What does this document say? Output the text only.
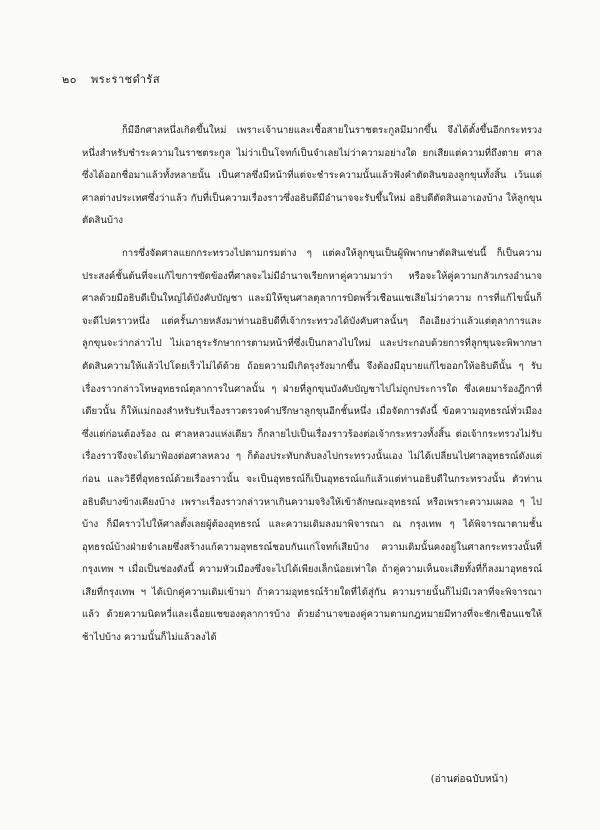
๒๐ พระราชดำรัส

ก็มีอีกศาลหนึ่งเกิดขึ้นใหม่ เพราะเจ้านายและเชื้อสายในราชตระกูลมีมากขึ้น จึงได้ตั้งขึ้นอีกกระทรวงหนึ่งสำหรับชำระความในราชตระกูล ไม่ว่าเป็นโจทก์เป็นจำเลยไม่ว่าความอย่างใด ยกเสียแต่ความที่ถึงตาย ศาลซึ่งได้ออกชื่อมาแล้วทั้งหลายนั้น เป็นศาลซึ่งมีหน้าที่แต่จะชำระความนั้นแล้วฟังคำตัดสินของลูกขุนทั้งสิ้น เว้นแต่ศาลต่างประเทศซึ่งว่าแล้ว กับที่เป็นความเรื่องราวซึ่งอธิบดีมีอำนาจจะรับขึ้นใหม่ อธิบดีตัดสินเอาเองบ้าง ให้ลูกขุนตัดสินบ้าง

การซึ่งจัดศาลแยกกระทรวงไปตามกรมต่าง ๆ แต่คงให้ลูกขุนเป็นผู้พิพากษาตัดสินเช่นนี้ ก็เป็นความประสงค์ชั้นต้นที่จะแก้ไขการขัดข้องที่ศาลจะไม่มีอำนาจเรียกหาคู่ความมาว่า หรือจะให้คู่ความกลัวเกรงอำนาจศาลด้วยมีอธิบดีเป็นใหญ่ได้บังคับบัญชา และมิให้ขุนศาลตุลาการบิดพริ้วเชือนแชเสียไม่ว่าความ การที่แก้ไขนั้นก็จะดีไปคราวหนึ่ง แต่ครั้นภายหลังมาท่านอธิบดีที่เจ้ากระทรวงได้บังคับศาลนั้นๆ ถือเอียงว่าแล้วแต่ตุลาการและลูกขุนจะว่ากล่าวไป ไม่เอาธุระรักษาการตามหน้าที่ซึ่งเป็นกลางไปใหม่ และประกอบด้วยการที่ลูกขุนจะพิพากษาตัดสินความให้แล้วไปโดยเร็วไม่ได้ด้วย ถ้อยความมีเกิดรุงรังมากขึ้น จึงต้องมีอุบายแก้ไขออกให้อธิบดีนั้น ๆ รับเรื่องราวกล่าวโทษอุทธรณ์ตุลาการในศาลนั้น ๆ ฝ่ายที่ลูกขุนบังคับบัญชาไปไม่ถูกประการใด ซึ่งเคยมาร้องฎีกาที่เดียวนั้น ก็ให้แม่กองสำหรับรับเรื่องราวตรวจคำปรึกษาลูกขุนอีกชั้นหนึ่ง เมื่อจัดการดังนี้ ข้อความอุทธรณ์ทั่วเมืองซึ่งแต่ก่อนต้องร้อง ณ ศาลหลวงแห่งเดียว ก็กลายไปเป็นเรื่องราวร้องต่อเจ้ากระทรวงทั้งสิ้น ต่อเจ้ากระทรวงไม่รับเรื่องราวจึงจะได้มาฟ้องต่อศาลหลวง ๆ ก็ต้องประทับกลับลงไปกระทรวงนั้นเอง ไม่ได้เปลี่ยนไปศาลอุทธรณ์ดังแต่ก่อน และวิธีที่อุทธรณ์ด้วยเรื่องราวนั้น จะเป็นอุทธรณ์ก็เป็นอุทธรณ์แก้แล้วแต่ท่านอธิบดีในกระทรวงนั้น ตัวท่านอธิบดีบางข้างเคียงบ้าง เพราะเรื่องราวกล่าวหาเกินความจริงให้เข้าลักษณะอุทธรณ์ หรือเพราะความเผลอ ๆ ไปบ้าง ก็มีคราวไปให้ศาลตั้งเลยผู้ต้องอุทธรณ์ และความเดิมลงมาพิจารณา ณ กรุงเทพ ๆ ได้พิจารณาตามชั้นอุทธรณ์บ้างฝ่ายจำเลยซึ่งสร้างแก้ความอุทธรณ์ชอบกันแก่โจทก์เสียบ้าง ความเดิมนั้นคงอยู่ในศาลกระทรวงนั้นที่กรุงเทพ ฯ เมื่อเป็นช่องดังนี้ ความหัวเมืองซึ่งจะไปได้เพียงเล็กน้อยเท่าใด ถ้าคู่ความเห็นจะเสียทั้งที่ก็ลงมาอุทธรณ์เสียที่กรุงเทพ ฯ ได้เบิกคู่ความเดิมเข้ามา ถ้าความอุทธรณ์ร้ายใดที่ได้สู่กัน ความรายนั้นก็ไม่มีเวลาที่จะพิจารณาแล้ว ด้วยความนิดหวี่และเฉื่อยแชของตุลาการบ้าง ด้วยอำนาจของคู่ความตามกฎหมายมีทางที่จะชักเชือนแชให้ช้าไปบ้าง ความนั้นก็ไม่แล้วลงได้

(อ่านต่อฉบับหน้า)
